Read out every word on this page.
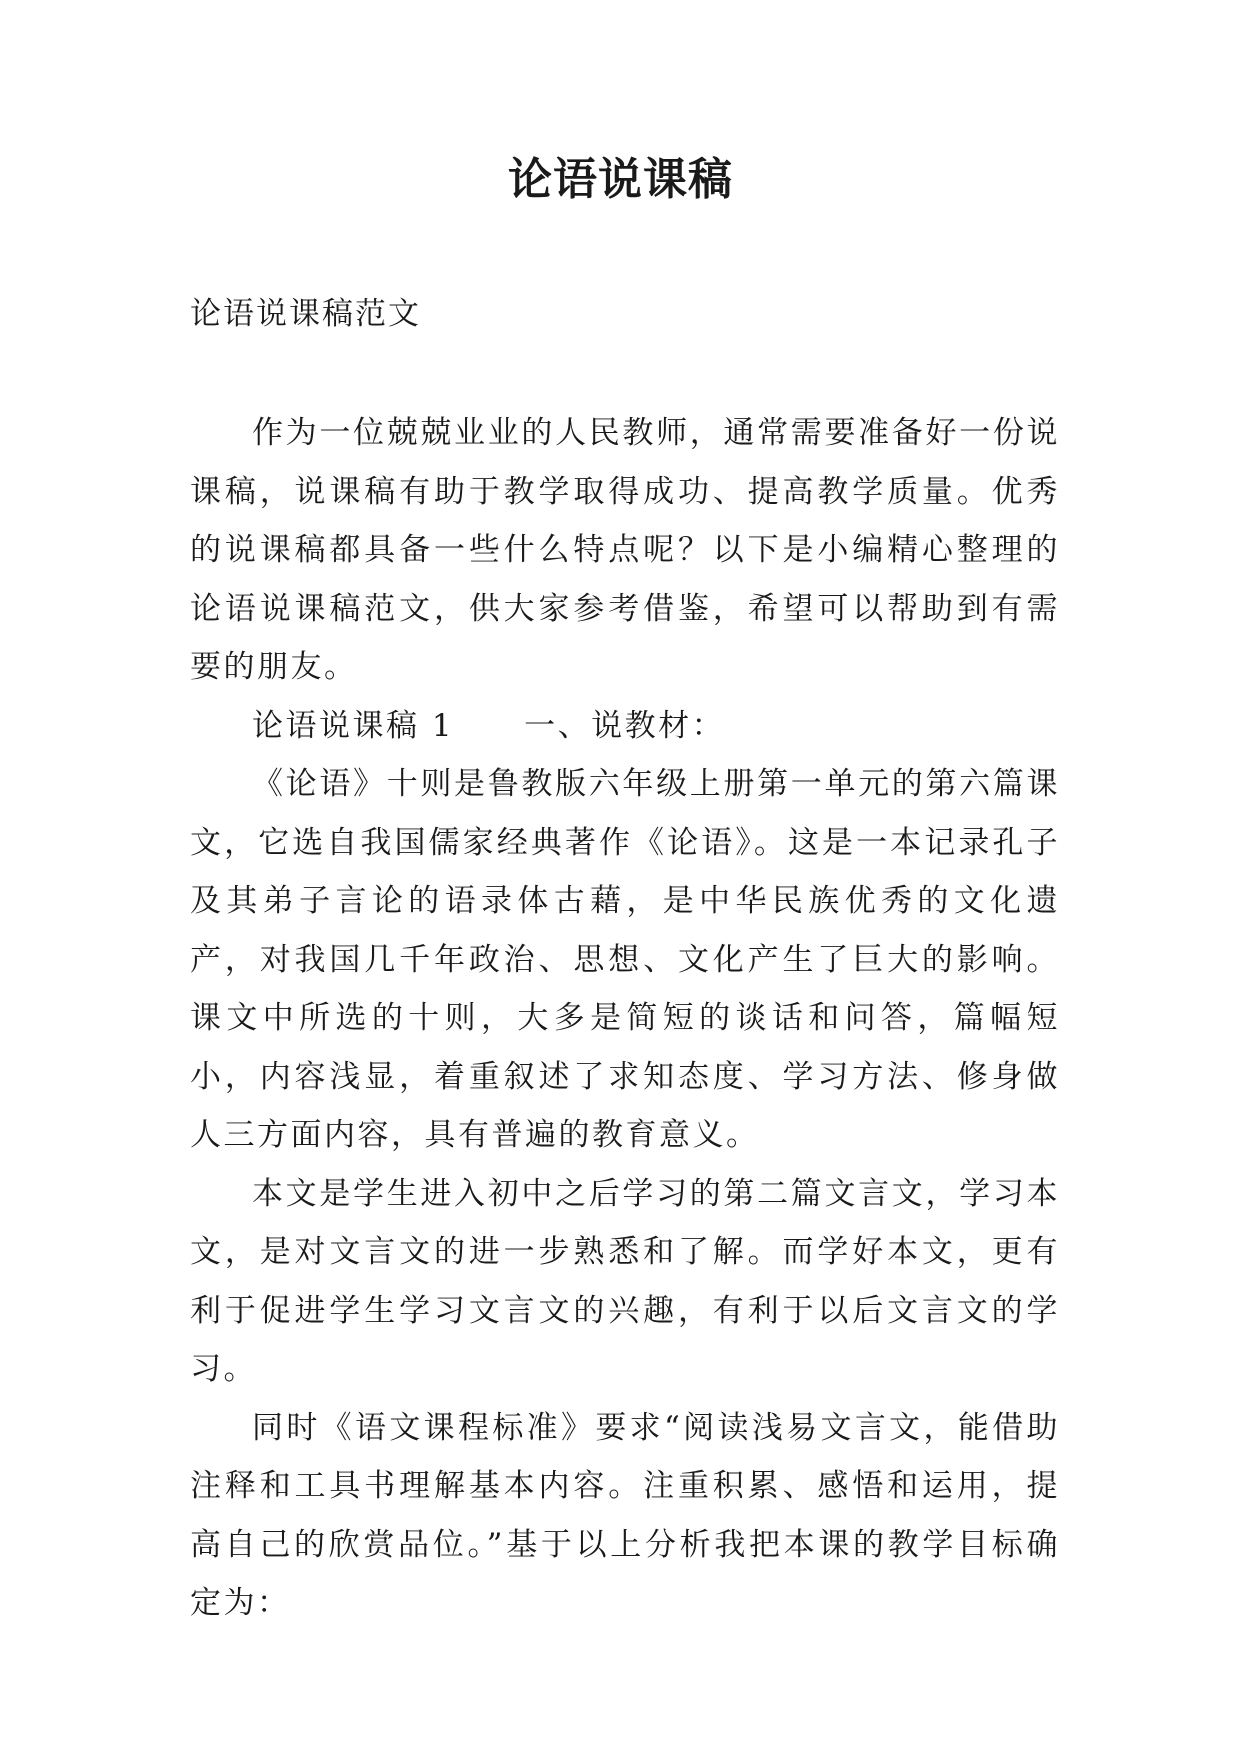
论语说课稿

论语说课稿范文

作为一位兢兢业业的人民教师，通常需要准备好一份说课稿，说课稿有助于教学取得成功、提高教学质量。优秀的说课稿都具备一些什么特点呢？以下是小编精心整理的论语说课稿范文，供大家参考借鉴，希望可以帮助到有需要的朋友。

论语说课稿 1 一、说教材：

《论语》十则是鲁教版六年级上册第一单元的第六篇课文，它选自我国儒家经典著作《论语》。这是一本记录孔子及其弟子言论的语录体古藉，是中华民族优秀的文化遗产，对我国几千年政治、思想、文化产生了巨大的影响。课文中所选的十则，大多是简短的谈话和问答，篇幅短小，内容浅显，着重叙述了求知态度、学习方法、修身做人三方面内容，具有普遍的教育意义。

本文是学生进入初中之后学习的第二篇文言文，学习本文，是对文言文的进一步熟悉和了解。而学好本文，更有利于促进学生学习文言文的兴趣，有利于以后文言文的学习。

同时《语文课程标准》要求“阅读浅易文言文，能借助注释和工具书理解基本内容。注重积累、感悟和运用，提高自己的欣赏品位。”基于以上分析我把本课的教学目标确定为：
